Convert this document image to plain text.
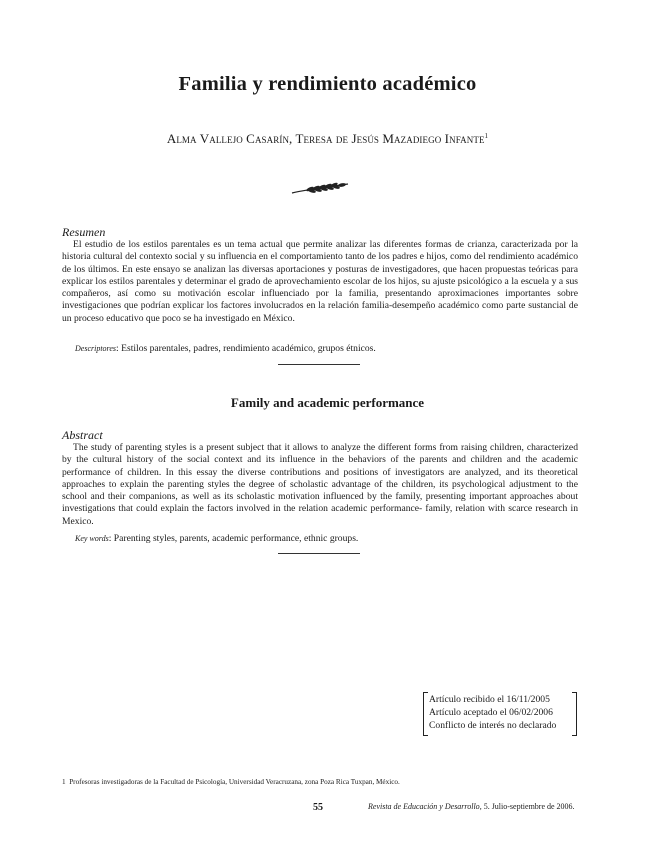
Familia y rendimiento académico
Alma Vallejo Casarín, Teresa de Jesús Mazadiego Infante$^1$
Resumen

El estudio de los estilos parentales es un tema actual que permite analizar las diferentes formas de crianza, caracterizada por la historia cultural del contexto social y su influencia en el comportamiento tanto de los padres e hijos, como del rendimiento académico de los últimos. En este ensayo se analizan las diversas aportaciones y posturas de investigadores, que hacen propuestas teóricas para explicar los estilos parentales y determinar el grado de aprovechamiento escolar de los hijos, su ajuste psicológico a la escuela y a sus compañeros, así como su motivación escolar influenciado por la familia, presentando aproximaciones importantes sobre investigaciones que podrían explicar los factores involucrados en la relación familia-desempeño académico como parte sustancial de un proceso educativo que poco se ha investigado en México.

Descriptores: Estilos parentales, padres, rendimiento académico, grupos étnicos.
Family and academic performance
Abstract

The study of parenting styles is a present subject that it allows to analyze the different forms from raising children, characterized by the cultural history of the social context and its influence in the behaviors of the parents and children and the academic performance of children. In this essay the diverse contributions and positions of investigators are analyzed, and its theoretical approaches to explain the parenting styles the degree of scholastic advantage of the children, its psychological adjustment to the school and their companions, as well as its scholastic motivation influenced by the family, presenting important approaches about investigations that could explain the factors involved in the relation academic performance- family, relation with scarce research in Mexico.

Key words: Parenting styles, parents, academic performance, ethnic groups.
Artículo recibido el 16/11/2005
Artículo aceptado el 06/02/2006
Conflicto de interés no declarado
1 Profesoras investigadoras de la Facultad de Psicología, Universidad Veracruzana, zona Poza Rica Tuxpan, México.
55	Revista de Educación y Desarrollo, 5. Julio-septiembre de 2006.
